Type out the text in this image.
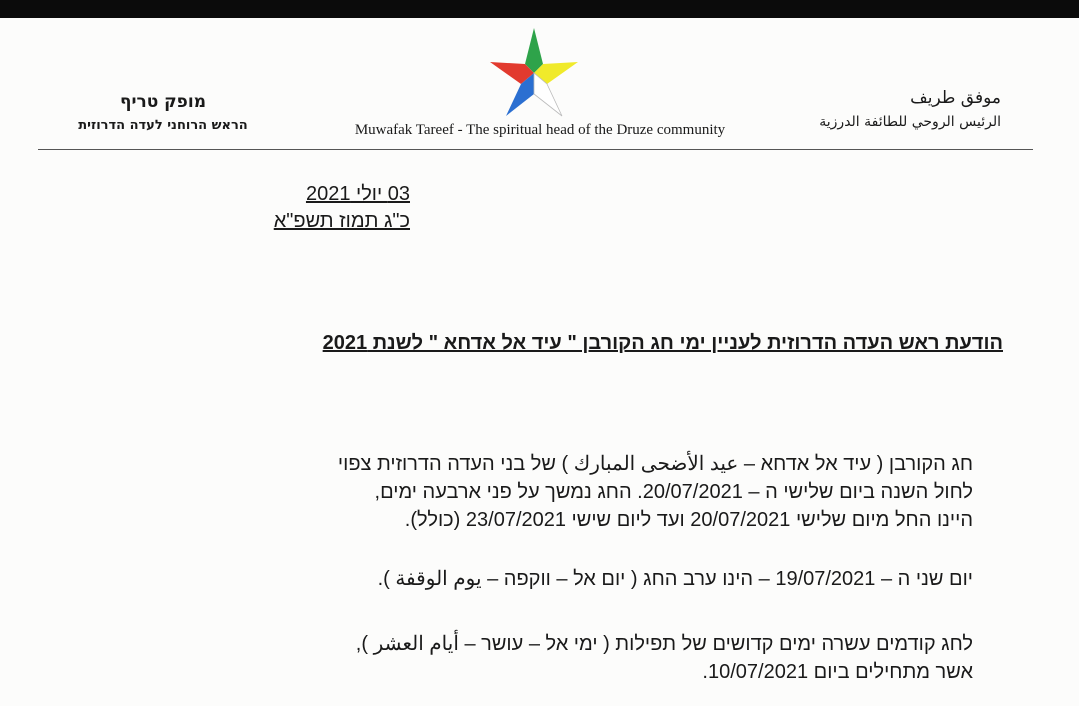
موفق طريف
الرئيس الروحي للطائفة الدرزية
מופק טריף
הראש הרוחני לעדה הדרוזית	Muwafak Tareef - The spiritual head of the Druze community
03 יולי 2021
כ"ג תמוז תשפ"א
הודעת ראש העדה הדרוזית לעניין ימי חג הקורבן " עיד אל אדחא " לשנת 2021
חג הקורבן ( עיד אל אדחא – عيد الأضحى المبارك ) של בני העדה הדרוזית צפוי
לחול השנה ביום שלישי ה – 20/07/2021. החג נמשך על פני ארבעה ימים,
היינו החל מיום שלישי 20/07/2021 ועד ליום שישי 23/07/2021 (כולל).
יום שני ה – 19/07/2021 – הינו ערב החג ( יום אל – ווקפה – يوم الوقفة ).
לחג קודמים עשרה ימים קדושים של תפילות ( ימי אל – עושר – أيام العشر ),
אשר מתחילים ביום 10/07/2021.
